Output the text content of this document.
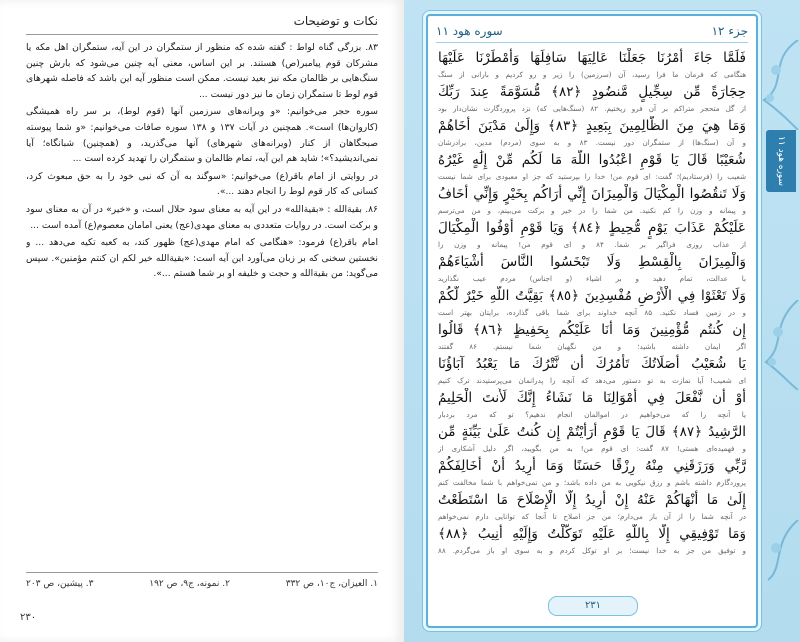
نکات و توضیحات

۸۳. بزرگی گناه لواط : گفته شده که منظور از ستمگران در این آیه، ستمگران اهل مکه یا مشرکان قوم پیامبر(ص) هستند. بر این اساس، معنی آیه چنین می‌شود که بارش چنین سنگ‌هایی بر ظالمان مکه نیز بعید نیست. ممکن است منظور آیه این باشد که فاصله شهرهای قوم لوط تا ستمگران زمان ما نیز دور نیست ...

سوره حجر می‌خوانیم: «و ویرانه‌های سرزمین آنها (قوم لوط)، بر سر راه همیشگی (کاروان‌ها) است». همچنین در آیات ۱۳۷ و ۱۳۸ سوره صافات می‌خوانیم: «و شما پیوسته صبحگاهان از کنار (ویرانه‌های شهرهای) آنها می‌گذرید، و (همچنین) شبانگاه؛ آیا نمی‌اندیشید؟»؛ شاید هم این آیه، تمام ظالمان و ستمگران را تهدید کرده است ...

در روایتی از امام باقر(ع) می‌خوانیم: «سوگند به آن که نبی خود را به حق مبعوث کرد، کسانی که کار قوم لوط را انجام دهند ...».

۸۶. بقیةالله : «بقیةالله» در این آیه به معنای سود حلال است، و «خیر» در آن به معنای سود و برکت است. در روایات متعددی به معنای مهدی(عج) یعنی امامان معصوم(ع) آمده است ...

امام باقر(ع) فرمود: «هنگامی که امام مهدی(عج) ظهور کند، به کعبه تکیه می‌دهد ... و نخستین سخنی که بر زبان می‌آورد این آیه است: «بقیةالله خیر لکم ان کنتم مؤمنین». سپس می‌گوید: من بقیةالله و حجت و خلیفه او بر شما هستم ...».

۱. العیزان، ج۱۰، ص ۳۳۲
۲. نمونه، ج۹، ص ۱۹۲
۳. پیشین، ص ۲۰۳
۲۳۰
سوره هود ۱۱
جزء ۱۲
سوره هود ۱۱
فَلَمَّا جَاءَ أَمْرُنَا جَعَلْنَا عَالِيَهَا سَافِلَهَا وَأَمْطَرْنَا عَلَيْهَا
هنگامی که فرمان ما فرا رسید، آن (سرزمین) را زیر و رو کردیم و بارانی از سنگ
حِجَارَةً مِّن سِجِّيلٍ مَّنضُودٍ ﴿٨٢﴾ مُّسَوَّمَةً عِندَ رَبِّكَ
از گل متحجر متراکم بر آن فرو ریختیم. ۸۲ (سنگ‌هایی که) نزد پروردگارت نشان‌دار بود
وَمَا هِيَ مِنَ الظَّالِمِينَ بِبَعِيدٍ ﴿٨٣﴾ وَإِلَىٰ مَدْيَنَ أَخَاهُمْ
و آن (سنگ‌ها) از ستمگران دور نیست. ۸۳ و به سوی (مردم) مدین، برادرشان
شُعَيْبًا قَالَ يَا قَوْمِ اعْبُدُوا اللَّهَ مَا لَكُم مِّنْ إِلَٰهٍ غَيْرُهُ
شعیب را (فرستادیم)؛ گفت: ای قوم من! خدا را بپرستید که جز او معبودی برای شما نیست
وَلَا تَنقُصُوا الْمِكْيَالَ وَالْمِيزَانَ إِنِّي أَرَاكُم بِخَيْرٍ وَإِنِّي أَخَافُ
و پیمانه و وزن را کم نکنید. من شما را در خیر و برکت می‌بینم، و من می‌ترسم
عَلَيْكُمْ عَذَابَ يَوْمٍ مُّحِيطٍ ﴿٨٤﴾ وَيَا قَوْمِ أَوْفُوا الْمِكْيَالَ
از عذاب روزی فراگیر بر شما. ۸۴ و ای قوم من! پیمانه و وزن را
وَالْمِيزَانَ بِالْقِسْطِ وَلَا تَبْخَسُوا النَّاسَ أَشْيَاءَهُمْ
با عدالت، تمام دهید و بر اشیاء (و اجناس) مردم عیب نگذارید
وَلَا تَعْثَوْا فِي الْأَرْضِ مُفْسِدِينَ ﴿٨٥﴾ بَقِيَّتُ اللَّهِ خَيْرٌ لَّكُمْ
و در زمین فساد نکنید. ۸۵ آنچه خداوند برای شما باقی گذارده، برایتان بهتر است
إِن كُنتُم مُّؤْمِنِينَ وَمَا أَنَا عَلَيْكُم بِحَفِيظٍ ﴿٨٦﴾ قَالُوا
اگر ایمان داشته باشید؛ و من نگهبان شما نیستم. ۸۶ گفتند
يَا شُعَيْبُ أَصَلَاتُكَ تَأْمُرُكَ أَن نَّتْرُكَ مَا يَعْبُدُ آبَاؤُنَا
ای شعیب! آیا نمازت به تو دستور می‌دهد که آنچه را پدرانمان می‌پرستیدند ترک کنیم
أَوْ أَن نَّفْعَلَ فِي أَمْوَالِنَا مَا نَشَاءُ إِنَّكَ لَأَنتَ الْحَلِيمُ
یا آنچه را که می‌خواهیم در اموالمان انجام ندهیم؟ تو که مرد بردبار
الرَّشِيدُ ﴿٨٧﴾ قَالَ يَا قَوْمِ أَرَأَيْتُمْ إِن كُنتُ عَلَىٰ بَيِّنَةٍ مِّن
و فهمیده‌ای هستی! ۸۷ گفت: ای قوم من! به من بگویید، اگر دلیل آشکاری از
رَّبِّي وَرَزَقَنِي مِنْهُ رِزْقًا حَسَنًا وَمَا أُرِيدُ أَنْ أُخَالِفَكُمْ
پروردگارم داشته باشم و رزق نیکویی به من داده باشد؛ و من نمی‌خواهم با شما مخالفت کنم
إِلَىٰ مَا أَنْهَاكُمْ عَنْهُ إِنْ أُرِيدُ إِلَّا الْإِصْلَاحَ مَا اسْتَطَعْتُ
در آنچه شما را از آن باز می‌دارم؛ من جز اصلاح تا آنجا که توانایی دارم نمی‌خواهم
وَمَا تَوْفِيقِي إِلَّا بِاللَّهِ عَلَيْهِ تَوَكَّلْتُ وَإِلَيْهِ أُنِيبُ ﴿٨٨﴾
و توفیق من جز به خدا نیست؛ بر او توکل کردم و به سوی او باز می‌گردم. ۸۸
۲۳۱
